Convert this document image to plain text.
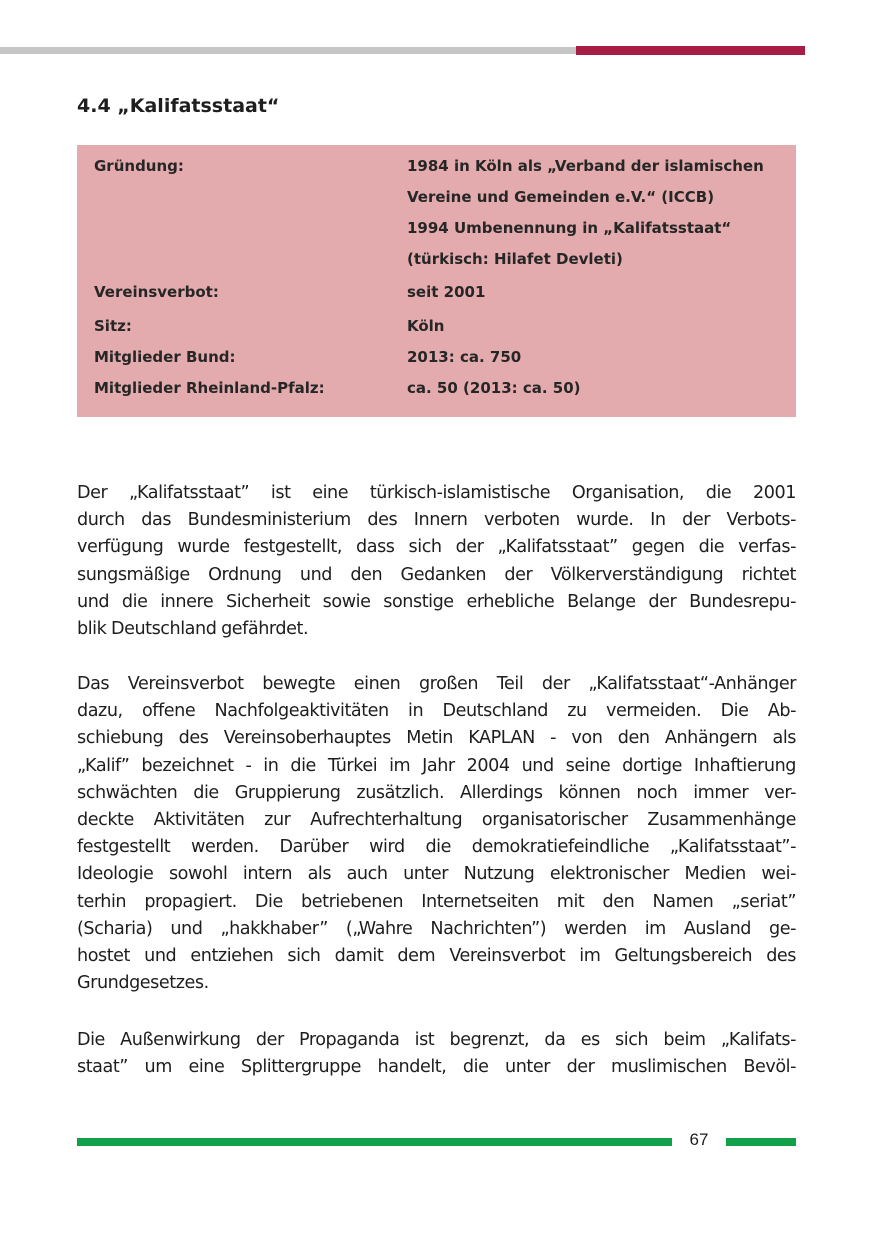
4.4 „Kalifatsstaat“
Gründung:	1984 in Köln als „Verband der islamischen
Vereine und Gemeinden e.V.“ (ICCB)
1994 Umbenennung in „Kalifatsstaat“
(türkisch: Hilafet Devleti)
Vereinsverbot:	seit 2001
Sitz:	Köln
Mitglieder Bund:	2013: ca. 750
Mitglieder Rheinland-Pfalz:	ca. 50 (2013: ca. 50)

Der „Kalifatsstaat” ist eine türkisch-islamistische Organisation, die 2001
durch das Bundesministerium des Innern verboten wurde. In der Verbots-
verfügung wurde festgestellt, dass sich der „Kalifatsstaat” gegen die verfas-
sungsmäßige Ordnung und den Gedanken der Völkerverständigung richtet
und die innere Sicherheit sowie sonstige erhebliche Belange der Bundesrepu-
blik Deutschland gefährdet.

Das Vereinsverbot bewegte einen großen Teil der „Kalifatsstaat“-Anhänger
dazu, offene Nachfolgeaktivitäten in Deutschland zu vermeiden. Die Ab-
schiebung des Vereinsoberhauptes Metin KAPLAN - von den Anhängern als
„Kalif” bezeichnet - in die Türkei im Jahr 2004 und seine dortige Inhaftierung
schwächten die Gruppierung zusätzlich. Allerdings können noch immer ver-
deckte Aktivitäten zur Aufrechterhaltung organisatorischer Zusammenhänge
festgestellt werden. Darüber wird die demokratiefeindliche „Kalifatsstaat”-
Ideologie sowohl intern als auch unter Nutzung elektronischer Medien wei-
terhin propagiert. Die betriebenen Internetseiten mit den Namen „seriat”
(Scharia) und „hakkhaber” („Wahre Nachrichten”) werden im Ausland ge-
hostet und entziehen sich damit dem Vereinsverbot im Geltungsbereich des
Grundgesetzes.

Die Außenwirkung der Propaganda ist begrenzt, da es sich beim „Kalifats-
staat” um eine Splittergruppe handelt, die unter der muslimischen Bevöl-

67
